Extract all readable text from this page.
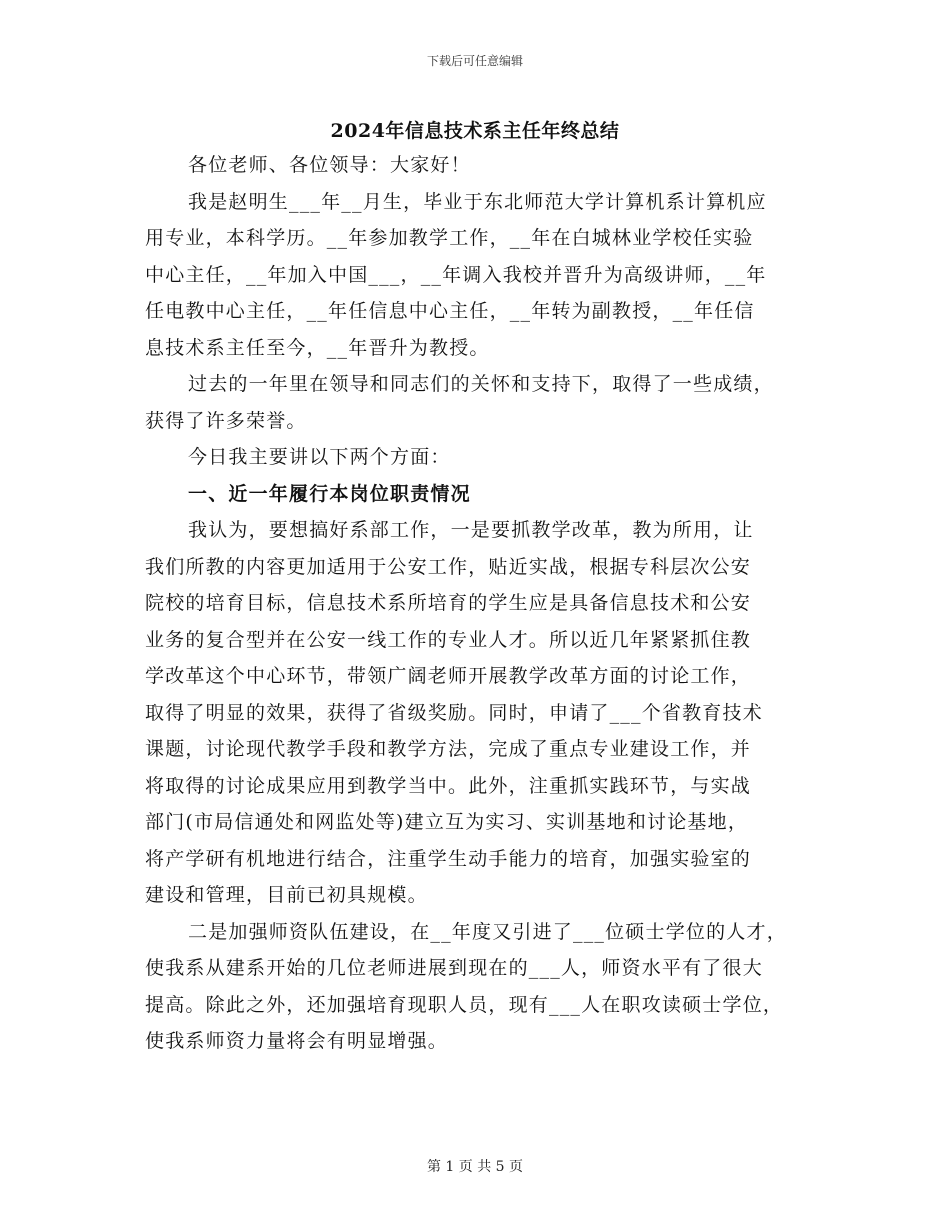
下载后可任意编辑
2024年信息技术系主任年终总结

各位老师、各位领导：大家好！

我是赵明生___年__月生，毕业于东北师范大学计算机系计算机应
用专业，本科学历。__年参加教学工作，__年在白城林业学校任实验
中心主任，__年加入中国___，__年调入我校并晋升为高级讲师，__年
任电教中心主任，__年任信息中心主任，__年转为副教授，__年任信
息技术系主任至今，__年晋升为教授。

过去的一年里在领导和同志们的关怀和支持下，取得了一些成绩，
获得了许多荣誉。

今日我主要讲以下两个方面：

一、近一年履行本岗位职责情况

我认为，要想搞好系部工作，一是要抓教学改革，教为所用，让
我们所教的内容更加适用于公安工作，贴近实战，根据专科层次公安
院校的培育目标，信息技术系所培育的学生应是具备信息技术和公安
业务的复合型并在公安一线工作的专业人才。所以近几年紧紧抓住教
学改革这个中心环节，带领广阔老师开展教学改革方面的讨论工作，
取得了明显的效果，获得了省级奖励。同时，申请了___个省教育技术
课题，讨论现代教学手段和教学方法，完成了重点专业建设工作，并
将取得的讨论成果应用到教学当中。此外，注重抓实践环节，与实战
部门(市局信通处和网监处等)建立互为实习、实训基地和讨论基地，
将产学研有机地进行结合，注重学生动手能力的培育，加强实验室的
建设和管理，目前已初具规模。

二是加强师资队伍建设，在__年度又引进了___位硕士学位的人才，
使我系从建系开始的几位老师进展到现在的___人，师资水平有了很大
提高。除此之外，还加强培育现职人员，现有___人在职攻读硕士学位，
使我系师资力量将会有明显增强。

第 1 页 共 5 页
